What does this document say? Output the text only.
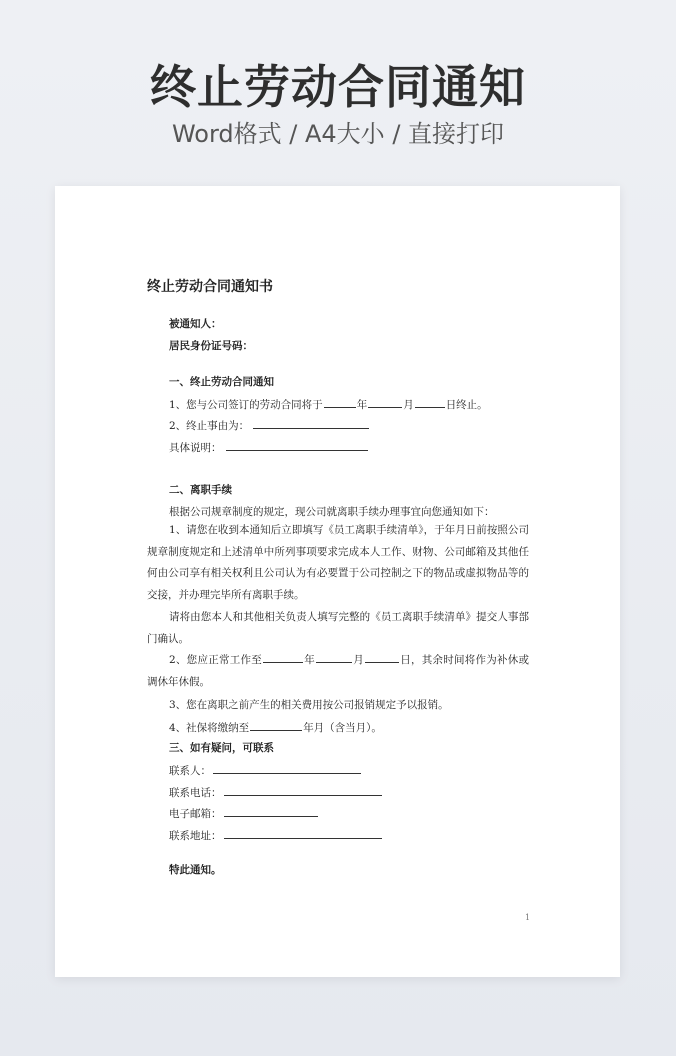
终止劳动合同通知
Word格式 / A4大小 / 直接打印
终止劳动合同通知书
被通知人：
居民身份证号码：
一、终止劳动合同通知
1、您与公司签订的劳动合同将于	年	月	日终止。
2、终止事由为：
具体说明：
二、离职手续
根据公司规章制度的规定，现公司就离职手续办理事宜向您通知如下：
1、请您在收到本通知后立即填写《员工离职手续清单》，于年月日前按照公司规章制度规定和上述清单中所列事项要求完成本人工作、财物、公司邮箱及其他任何由公司享有相关权利且公司认为有必要置于公司控制之下的物品或虚拟物品等的交接，并办理完毕所有离职手续。
请将由您本人和其他相关负责人填写完整的《员工离职手续清单》提交人事部门确认。
2、您应正常工作至	年	月	日，其余时间将作为补休或调休年休假。
3、您在离职之前产生的相关费用按公司报销规定予以报销。
4、社保将缴纳至	年月（含当月）。
三、如有疑问，可联系
联系人：
联系电话：
电子邮箱：
联系地址：
特此通知。
1
